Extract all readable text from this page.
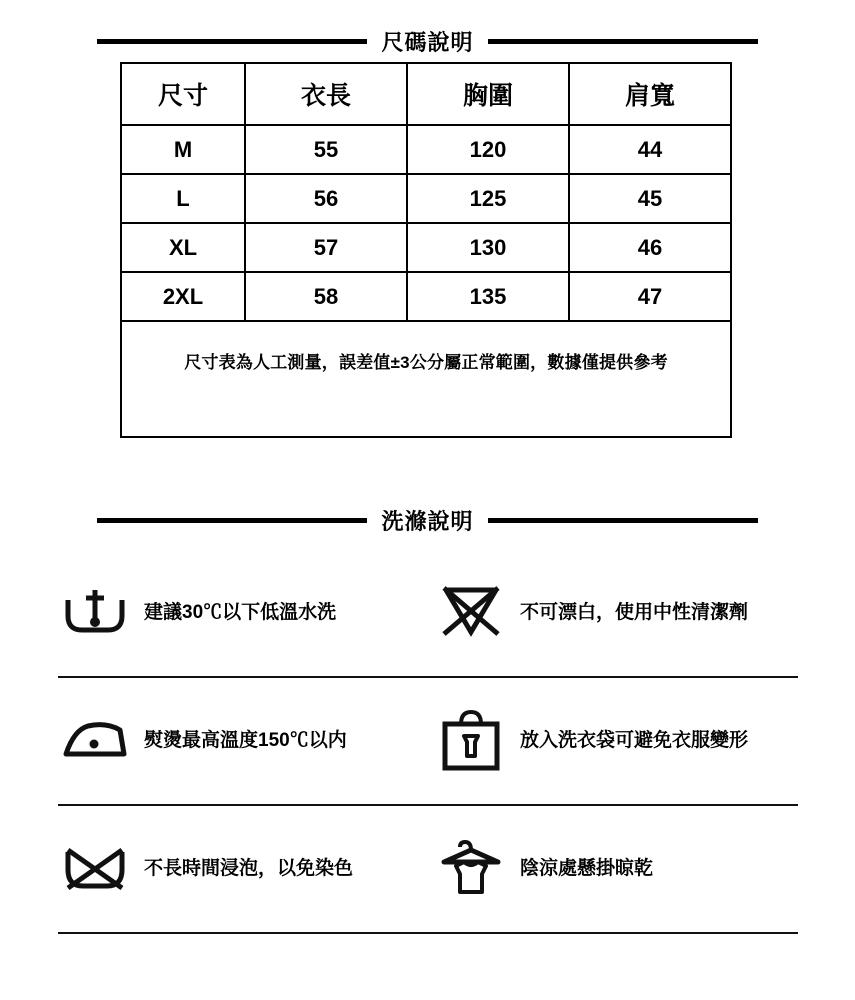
尺碼說明
尺寸	衣長	胸圍	肩寬
M	55	120	44
L	56	125	45
XL	57	130	46
2XL	58	135	47
尺寸表為人工測量，誤差值±3公分屬正常範圍，數據僅提供參考			
洗滌說明
建議30℃以下低溫水洗	不可漂白，使用中性清潔劑
熨燙最高溫度150℃以内	放入洗衣袋可避免衣服變形
不長時間浸泡，以免染色	陰涼處懸掛晾乾
